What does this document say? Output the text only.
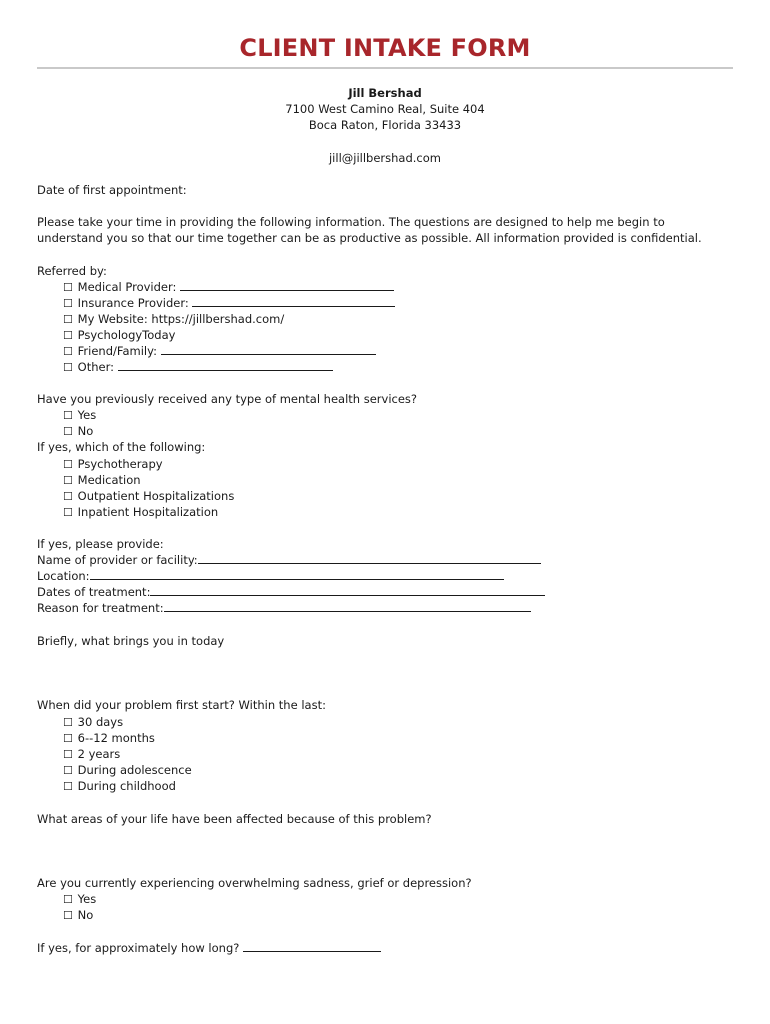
CLIENT INTAKE FORM
Jill Bershad
7100 West Camino Real, Suite 404
Boca Raton, Florida 33433
jill@jillbershad.com
Date of first appointment:
Please take your time in providing the following information. The questions are designed to help me begin to
understand you so that our time together can be as productive as possible. All information provided is confidential.
Referred by:
☐ Medical Provider:
☐ Insurance Provider:
☐ My Website: https://jillbershad.com/
☐ PsychologyToday
☐ Friend/Family:
☐ Other:
Have you previously received any type of mental health services?
☐ Yes
☐ No
If yes, which of the following:
☐ Psychotherapy
☐ Medication
☐ Outpatient Hospitalizations
☐ Inpatient Hospitalization
If yes, please provide:
Name of provider or facility:
Location:
Dates of treatment:
Reason for treatment:
Briefly, what brings you in today
When did your problem first start? Within the last:
☐ 30 days
☐ 6--12 months
☐ 2 years
☐ During adolescence
☐ During childhood
What areas of your life have been affected because of this problem?
Are you currently experiencing overwhelming sadness, grief or depression?
☐ Yes
☐ No
If yes, for approximately how long?
